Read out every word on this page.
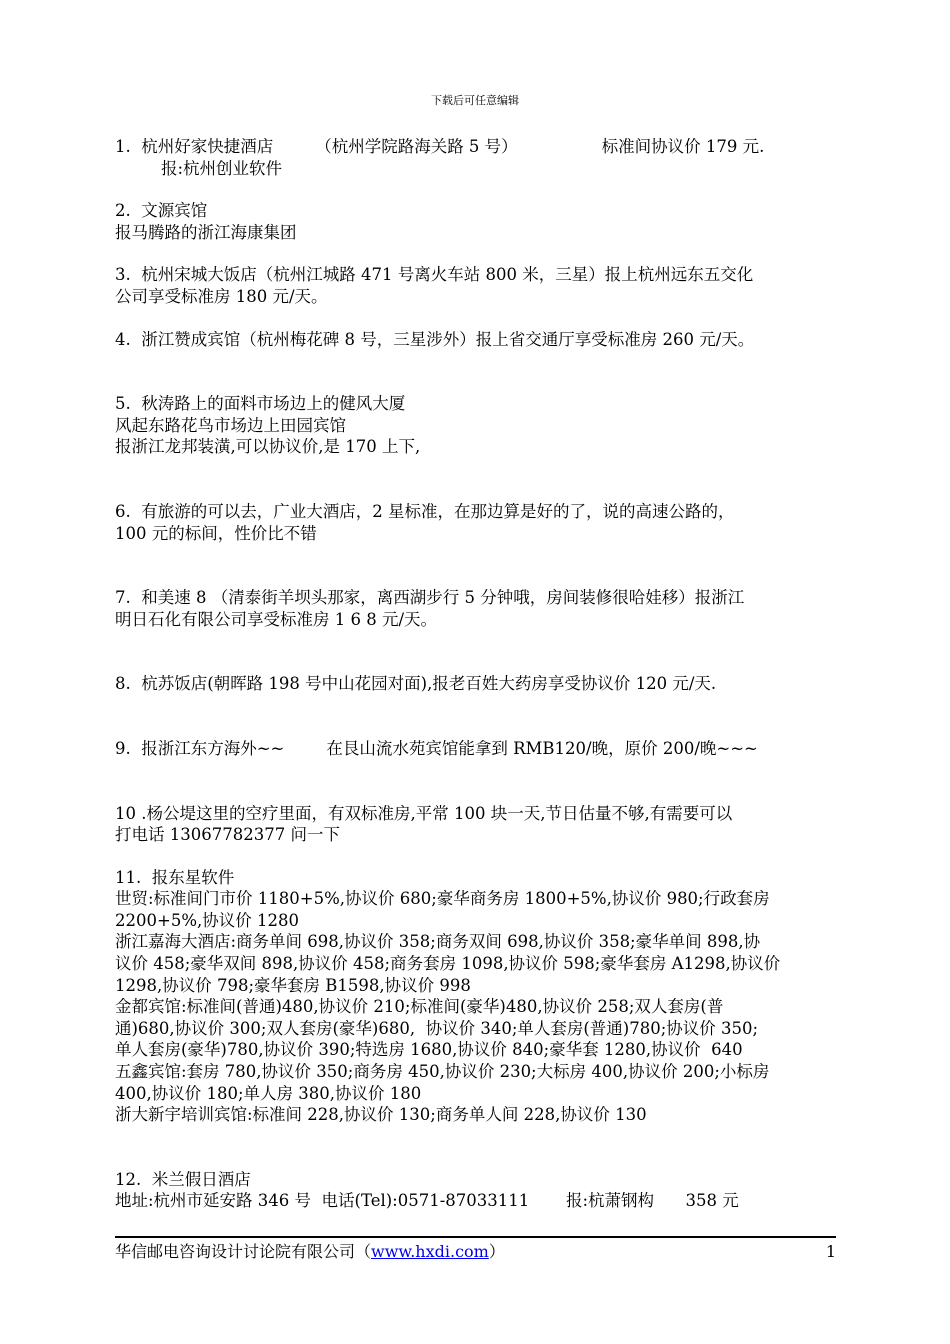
下载后可任意编辑
1.  杭州好家快捷酒店        （杭州学院路海关路 5 号）                标准间协议价 179 元.
报:杭州创业软件
2.  文源宾馆
报马腾路的浙江海康集团
3.  杭州宋城大饭店（杭州江城路 471 号离火车站 800 米，三星）报上杭州远东五交化
公司享受标准房 180 元/天。
4.  浙江赞成宾馆（杭州梅花碑 8 号，三星涉外）报上省交通厅享受标准房 260 元/天。
5.  秋涛路上的面料市场边上的健风大厦
风起东路花鸟市场边上田园宾馆
报浙江龙邦装潢,可以协议价,是 170 上下,
6.  有旅游的可以去，广业大酒店，2 星标准，在那边算是好的了，说的高速公路的，
100 元的标间，性价比不错
7.  和美速 8 （清泰街羊坝头那家，离西湖步行 5 分钟哦，房间装修很哈娃移）报浙江
明日石化有限公司享受标准房 1 6 8 元/天。
8.  杭苏饭店(朝晖路 198 号中山花园对面),报老百姓大药房享受协议价 120 元/天.
9.  报浙江东方海外~~        在艮山流水苑宾馆能拿到 RMB120/晚，原价 200/晚~~~
10 .杨公堤这里的空疗里面，有双标准房,平常 100 块一天,节日估量不够,有需要可以
打电话 13067782377 问一下
11.  报东星软件
世贸:标准间门市价 1180+5%,协议价 680;豪华商务房 1800+5%,协议价 980;行政套房
2200+5%,协议价 1280
浙江嘉海大酒店:商务单间 698,协议价 358;商务双间 698,协议价 358;豪华单间 898,协
议价 458;豪华双间 898,协议价 458;商务套房 1098,协议价 598;豪华套房 A1298,协议价
1298,协议价 798;豪华套房 B1598,协议价 998
金都宾馆:标准间(普通)480,协议价 210;标准间(豪华)480,协议价 258;双人套房(普
通)680,协议价 300;双人套房(豪华)680,  协议价 340;单人套房(普通)780;协议价 350;
单人套房(豪华)780,协议价 390;特选房 1680,协议价 840;豪华套 1280,协议价  640
五鑫宾馆:套房 780,协议价 350;商务房 450,协议价 230;大标房 400,协议价 200;小标房
400,协议价 180;单人房 380,协议价 180
浙大新宇培训宾馆:标准间 228,协议价 130;商务单人间 228,协议价 130
12.  米兰假日酒店
地址:杭州市延安路 346 号  电话(Tel):0571-87033111       报:杭萧钢构      358 元
华信邮电咨询设计讨论院有限公司（www.hxdi.com）	1
